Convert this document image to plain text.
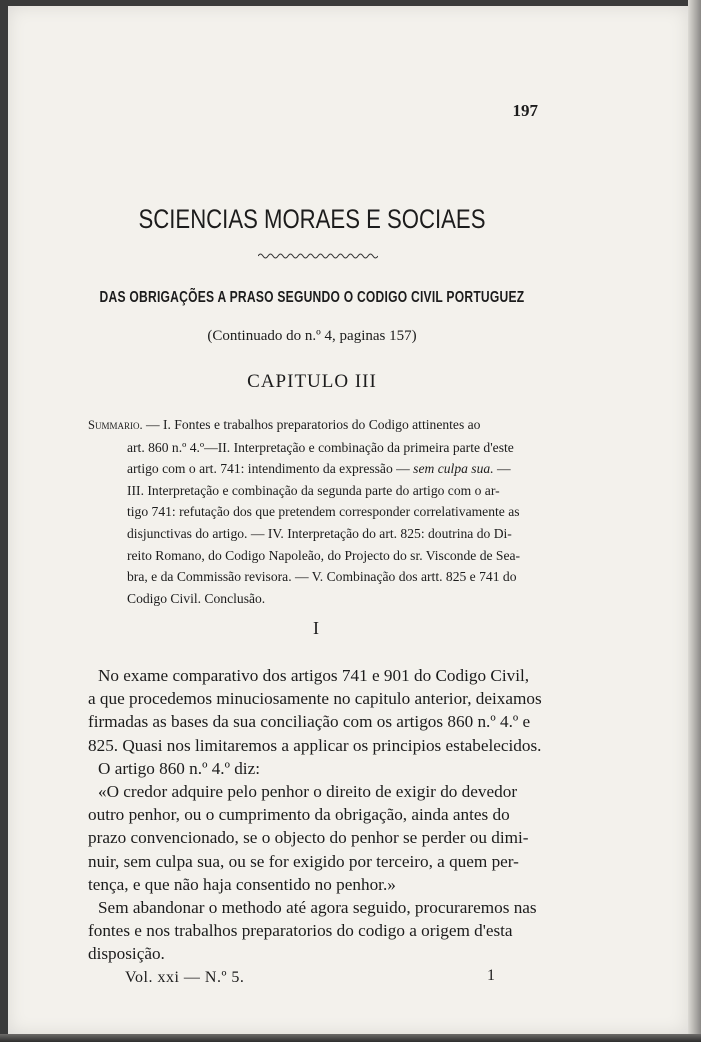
197
SCIENCIAS MORAES E SOCIAES
DAS OBRIGAÇÕES A PRASO SEGUNDO O CODIGO CIVIL PORTUGUEZ
(Continuado do n.º 4, paginas 157)
CAPITULO III
Summario. — I. Fontes e trabalhos preparatorios do Codigo attinentes ao
art. 860 n.º 4.º—II. Interpretação e combinação da primeira parte d'este
artigo com o art. 741: intendimento da expressão — sem culpa sua. —
III. Interpretação e combinação da segunda parte do artigo com o ar-
tigo 741: refutação dos que pretendem corresponder correlativamente as
disjunctivas do artigo. — IV. Interpretação do art. 825: doutrina do Di-
reito Romano, do Codigo Napoleão, do Projecto do sr. Visconde de Sea-
bra, e da Commissão revisora. — V. Combinação dos artt. 825 e 741 do
Codigo Civil. Conclusão.
I
No exame comparativo dos artigos 741 e 901 do Codigo Civil,
a que procedemos minuciosamente no capitulo anterior, deixamos
firmadas as bases da sua conciliação com os artigos 860 n.º 4.º e
825. Quasi nos limitaremos a applicar os principios estabelecidos.
O artigo 860 n.º 4.º diz:
«O credor adquire pelo penhor o direito de exigir do devedor
outro penhor, ou o cumprimento da obrigação, ainda antes do
prazo convencionado, se o objecto do penhor se perder ou dimi-
nuir, sem culpa sua, ou se for exigido por terceiro, a quem per-
tença, e que não haja consentido no penhor.»
Sem abandonar o methodo até agora seguido, procuraremos nas
fontes e nos trabalhos preparatorios do codigo a origem d'esta
disposição.
Vol. xxi — N.º 5.	1
